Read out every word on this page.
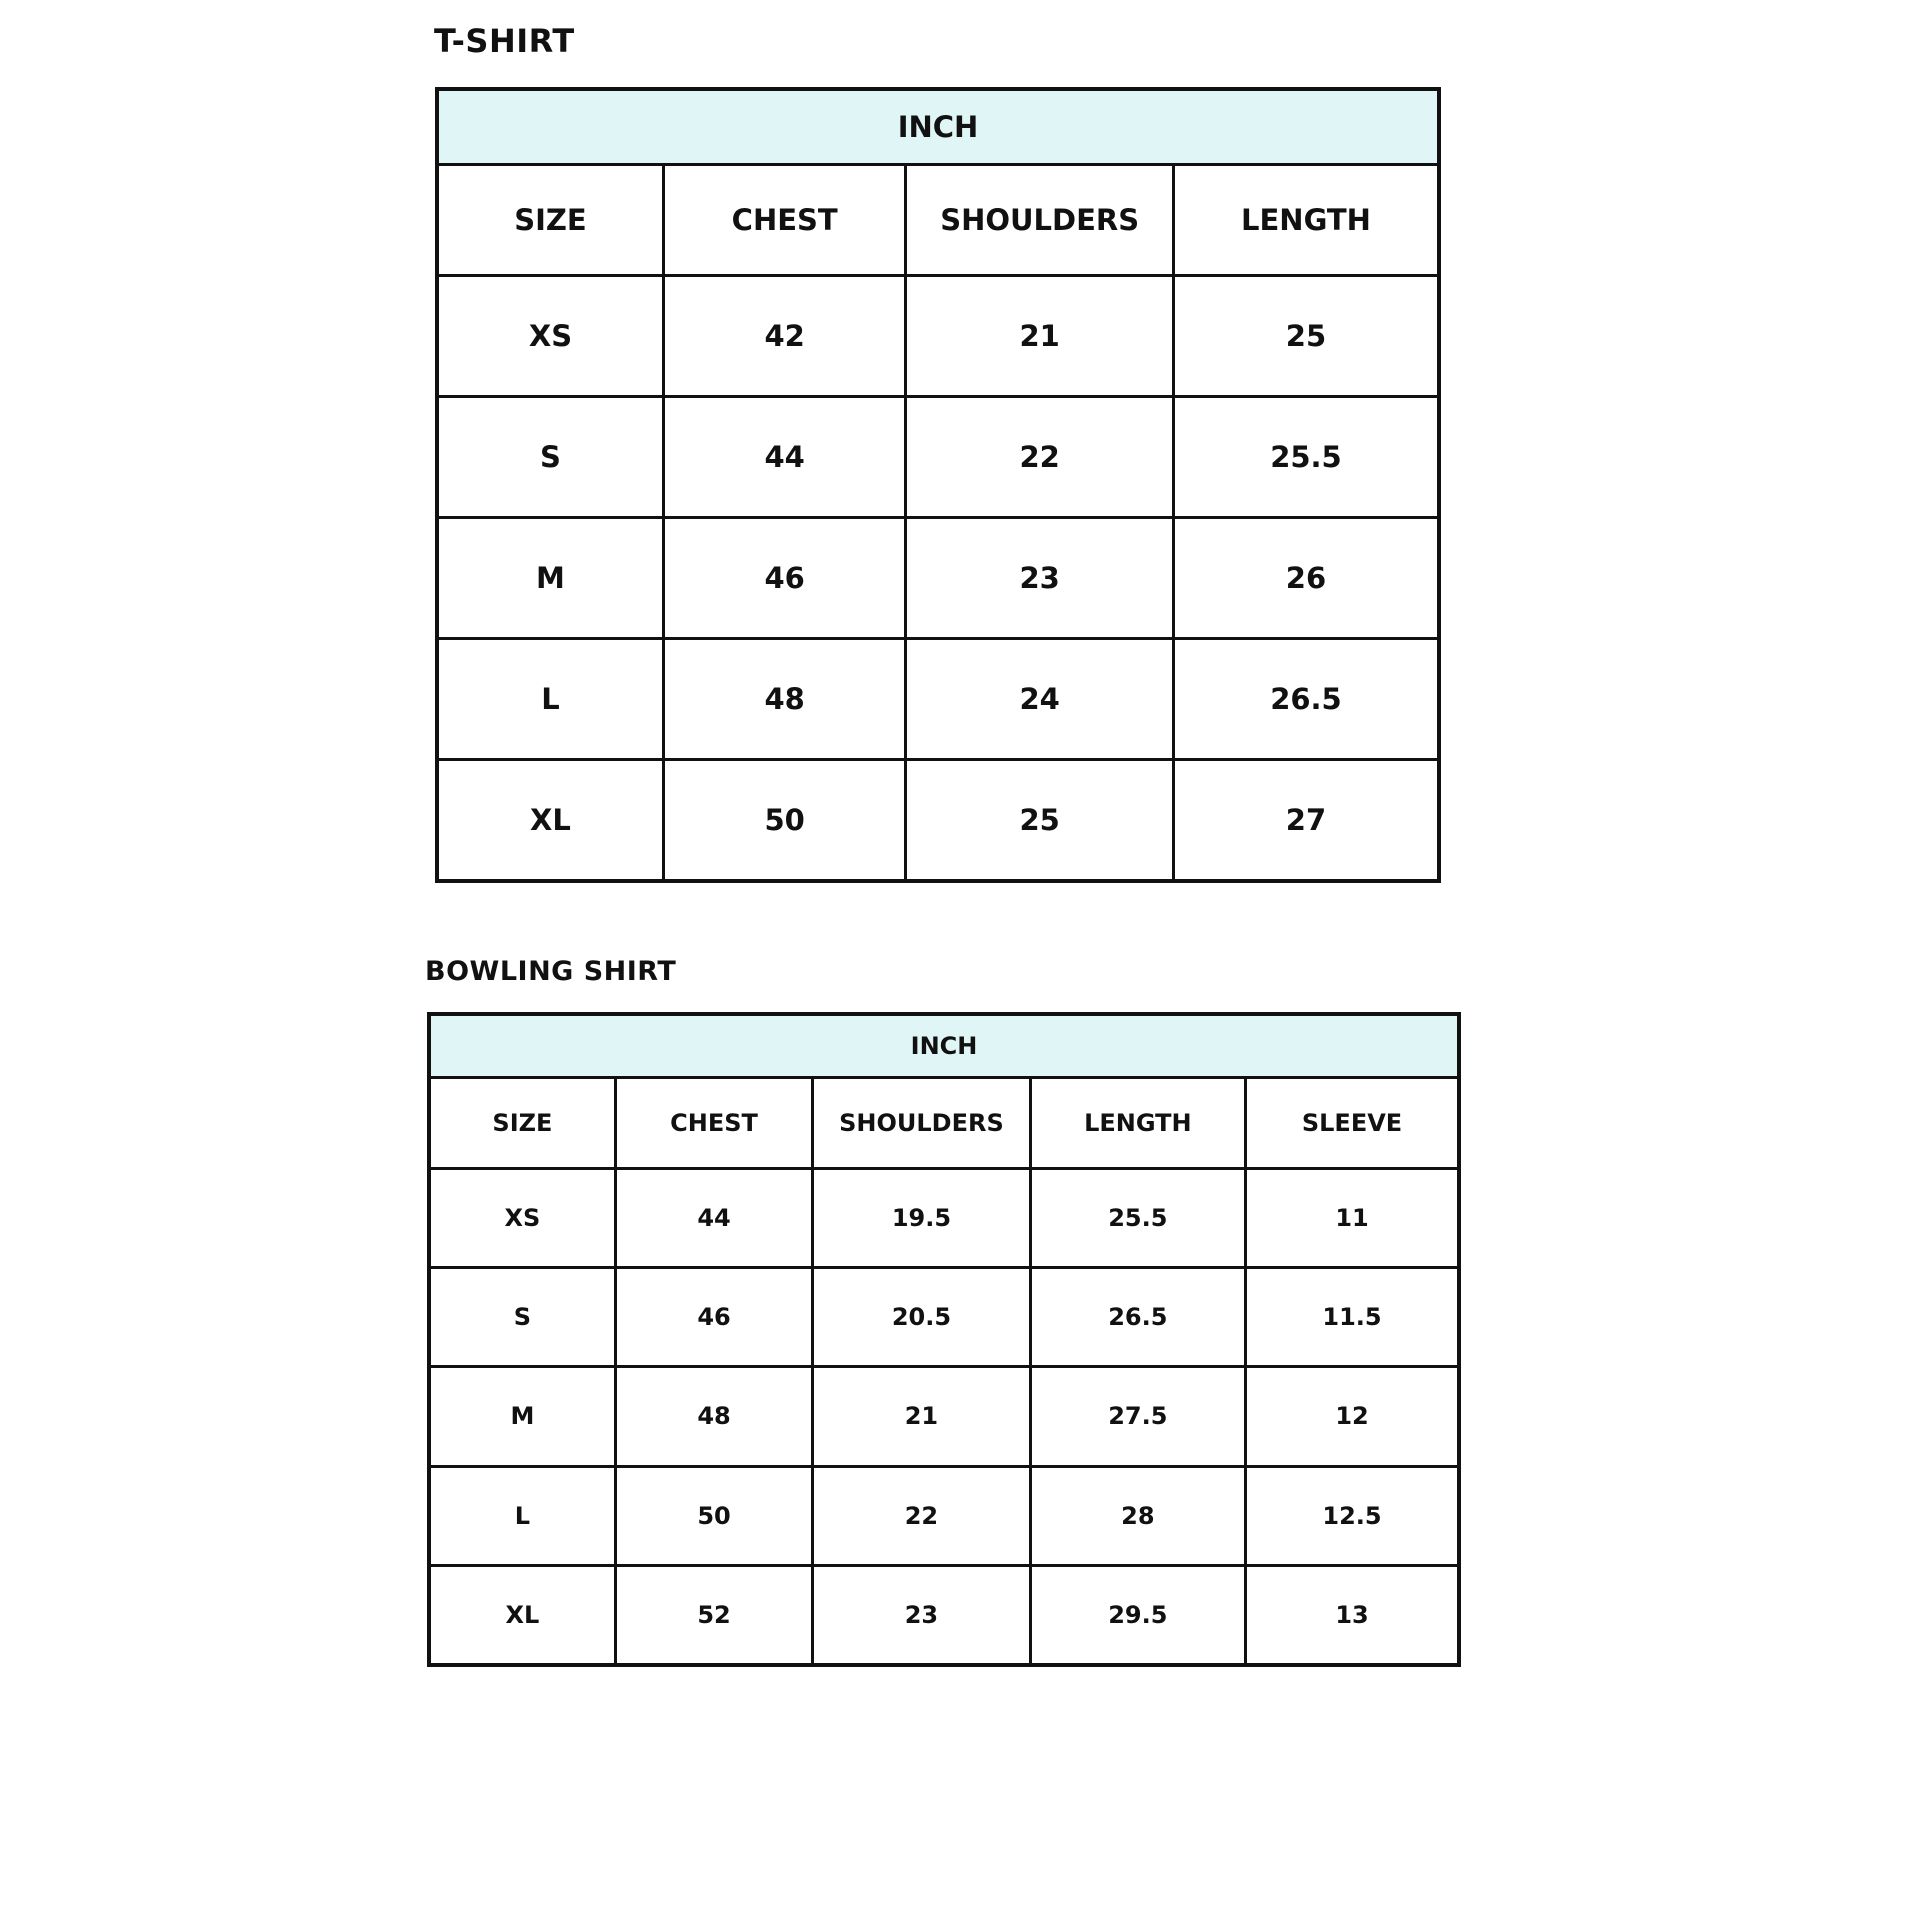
T-SHIRT
INCH			
SIZE	CHEST	SHOULDERS	LENGTH
XS	42	21	25
S	44	22	25.5
M	46	23	26
L	48	24	26.5
XL	50	25	27
BOWLING SHIRT
INCH				
SIZE	CHEST	SHOULDERS	LENGTH	SLEEVE
XS	44	19.5	25.5	11
S	46	20.5	26.5	11.5
M	48	21	27.5	12
L	50	22	28	12.5
XL	52	23	29.5	13
